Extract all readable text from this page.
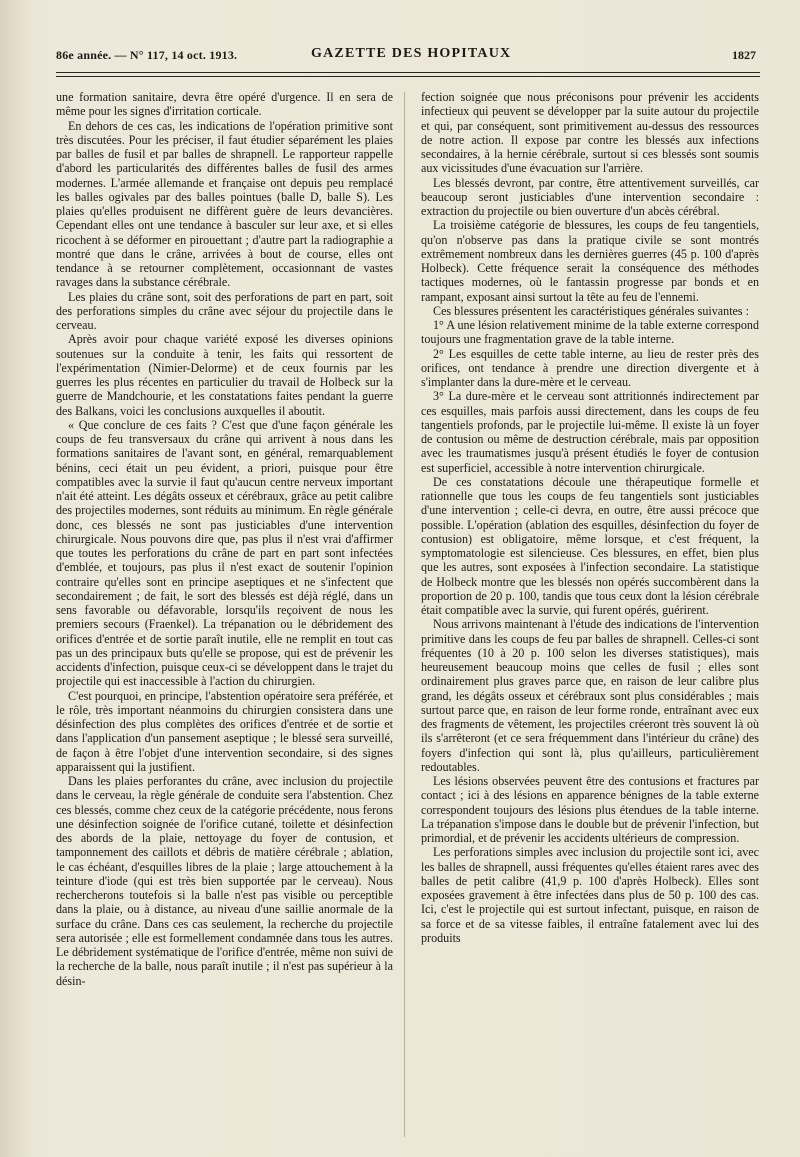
86e année. — N° 117, 14 oct. 1913.	GAZETTE DES HOPITAUX	1827

une formation sanitaire, devra être opéré d'urgence. Il en sera de même pour les signes d'irritation corticale.

En dehors de ces cas, les indications de l'opération primitive sont très discutées. Pour les préciser, il faut étudier séparément les plaies par balles de fusil et par balles de shrapnell. Le rapporteur rappelle d'abord les particularités des différentes balles de fusil des armes modernes. L'armée allemande et française ont depuis peu remplacé les balles ogivales par des balles pointues (balle D, balle S). Les plaies qu'elles produisent ne diffèrent guère de leurs devancières. Cependant elles ont une tendance à basculer sur leur axe, et si elles ricochent à se déformer en pirouettant ; d'autre part la radiographie a montré que dans le crâne, arrivées à bout de course, elles ont tendance à se retourner complètement, occasionnant de vastes ravages dans la substance cérébrale.

Les plaies du crâne sont, soit des perforations de part en part, soit des perforations simples du crâne avec séjour du projectile dans le cerveau.

Après avoir pour chaque variété exposé les diverses opinions soutenues sur la conduite à tenir, les faits qui ressortent de l'expérimentation (Nimier-Delorme) et de ceux fournis par les guerres les plus récentes en particulier du travail de Holbeck sur la guerre de Mandchourie, et les constatations faites pendant la guerre des Balkans, voici les conclusions auxquelles il aboutit.

« Que conclure de ces faits ? C'est que d'une façon générale les coups de feu transversaux du crâne qui arrivent à nous dans les formations sanitaires de l'avant sont, en général, remarquablement bénins, ceci était un peu évident, a priori, puisque pour être compatibles avec la survie il faut qu'aucun centre nerveux important n'ait été atteint. Les dégâts osseux et cérébraux, grâce au petit calibre des projectiles modernes, sont réduits au minimum. En règle générale donc, ces blessés ne sont pas justiciables d'une intervention chirurgicale. Nous pouvons dire que, pas plus il n'est vrai d'affirmer que toutes les perforations du crâne de part en part sont infectées d'emblée, et toujours, pas plus il n'est exact de soutenir l'opinion contraire qu'elles sont en principe aseptiques et ne s'infectent que secondairement ; de fait, le sort des blessés est déjà réglé, dans un sens favorable ou défavorable, lorsqu'ils reçoivent de nous les premiers secours (Fraenkel). La trépanation ou le débridement des orifices d'entrée et de sortie paraît inutile, elle ne remplit en tout cas pas un des principaux buts qu'elle se propose, qui est de prévenir les accidents d'infection, puisque ceux-ci se développent dans le trajet du projectile qui est inaccessible à l'action du chirurgien.

C'est pourquoi, en principe, l'abstention opératoire sera préférée, et le rôle, très important néanmoins du chirurgien consistera dans une désinfection des plus complètes des orifices d'entrée et de sortie et dans l'application d'un pansement aseptique ; le blessé sera surveillé, de façon à être l'objet d'une intervention secondaire, si des signes apparaissent qui la justifient.

Dans les plaies perforantes du crâne, avec inclusion du projectile dans le cerveau, la règle générale de conduite sera l'abstention. Chez ces blessés, comme chez ceux de la catégorie précédente, nous ferons une désinfection soignée de l'orifice cutané, toilette et désinfection des abords de la plaie, nettoyage du foyer de contusion, et tamponnement des caillots et débris de matière cérébrale ; ablation, le cas échéant, d'esquilles libres de la plaie ; large attouchement à la teinture d'iode (qui est très bien supportée par le cerveau). Nous rechercherons toutefois si la balle n'est pas visible ou perceptible dans la plaie, ou à distance, au niveau d'une saillie anormale de la surface du crâne. Dans ces cas seulement, la recherche du projectile sera autorisée ; elle est formellement condamnée dans tous les autres. Le débridement systématique de l'orifice d'entrée, même non suivi de la recherche de la balle, nous paraît inutile ; il n'est pas supérieur à la désin-

fection soignée que nous préconisons pour prévenir les accidents infectieux qui peuvent se développer par la suite autour du projectile et qui, par conséquent, sont primitivement au-dessus des ressources de notre action. Il expose par contre les blessés aux infections secondaires, à la hernie cérébrale, surtout si ces blessés sont soumis aux vicissitudes d'une évacuation sur l'arrière.

Les blessés devront, par contre, être attentivement surveillés, car beaucoup seront justiciables d'une intervention secondaire : extraction du projectile ou bien ouverture d'un abcès cérébral.

La troisième catégorie de blessures, les coups de feu tangentiels, qu'on n'observe pas dans la pratique civile se sont montrés extrêmement nombreux dans les dernières guerres (45 p. 100 d'après Holbeck). Cette fréquence serait la conséquence des méthodes tactiques modernes, où le fantassin progresse par bonds et en rampant, exposant ainsi surtout la tête au feu de l'ennemi.

Ces blessures présentent les caractéristiques générales suivantes :

1° A une lésion relativement minime de la table externe correspond toujours une fragmentation grave de la table interne.

2° Les esquilles de cette table interne, au lieu de rester près des orifices, ont tendance à prendre une direction divergente et à s'implanter dans la dure-mère et le cerveau.

3° La dure-mère et le cerveau sont attritionnés indirectement par ces esquilles, mais parfois aussi directement, dans les coups de feu tangentiels profonds, par le projectile lui-même. Il existe là un foyer de contusion ou même de destruction cérébrale, mais par opposition avec les traumatismes jusqu'à présent étudiés le foyer de contusion est superficiel, accessible à notre intervention chirurgicale.

De ces constatations découle une thérapeutique formelle et rationnelle que tous les coups de feu tangentiels sont justiciables d'une intervention ; celle-ci devra, en outre, être aussi précoce que possible. L'opération (ablation des esquilles, désinfection du foyer de contusion) est obligatoire, même lorsque, et c'est fréquent, la symptomatologie est silencieuse. Ces blessures, en effet, bien plus que les autres, sont exposées à l'infection secondaire. La statistique de Holbeck montre que les blessés non opérés succombèrent dans la proportion de 20 p. 100, tandis que tous ceux dont la lésion cérébrale était compatible avec la survie, qui furent opérés, guérirent.

Nous arrivons maintenant à l'étude des indications de l'intervention primitive dans les coups de feu par balles de shrapnell. Celles-ci sont fréquentes (10 à 20 p. 100 selon les diverses statistiques), mais heureusement beaucoup moins que celles de fusil ; elles sont ordinairement plus graves parce que, en raison de leur calibre plus grand, les dégâts osseux et cérébraux sont plus considérables ; mais surtout parce que, en raison de leur forme ronde, entraînant avec eux des fragments de vêtement, les projectiles créeront très souvent là où ils s'arrêteront (et ce sera fréquemment dans l'intérieur du crâne) des foyers d'infection qui sont là, plus qu'ailleurs, particulièrement redoutables.

Les lésions observées peuvent être des contusions et fractures par contact ; ici à des lésions en apparence bénignes de la table externe correspondent toujours des lésions plus étendues de la table interne. La trépanation s'impose dans le double but de prévenir l'infection, but primordial, et de prévenir les accidents ultérieurs de compression.

Les perforations simples avec inclusion du projectile sont ici, avec les balles de shrapnell, aussi fréquentes qu'elles étaient rares avec des balles de petit calibre (41,9 p. 100 d'après Holbeck). Elles sont exposées gravement à être infectées dans plus de 50 p. 100 des cas. Ici, c'est le projectile qui est surtout infectant, puisque, en raison de sa force et de sa vitesse faibles, il entraîne fatalement avec lui des produits
